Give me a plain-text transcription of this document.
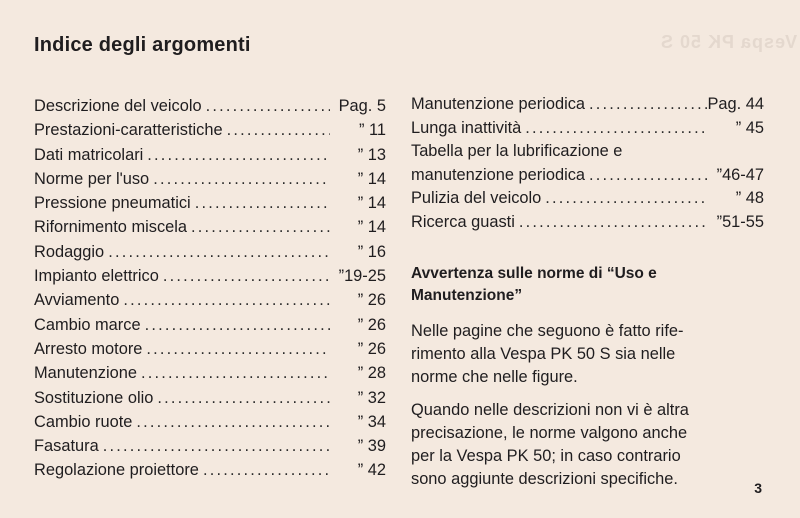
Vespa PK 50 S
Indice degli argomenti
Descrizione del veicolo .....	Pag. 5
Prestazioni-caratteristiche .....	” 11
Dati matricolari .....	” 13
Norme per l'uso .....	” 14
Pressione pneumatici .....	” 14
Rifornimento miscela .....	” 14
Rodaggio .....	” 16
Impianto elettrico .....	”19-25
Avviamento .....	” 26
Cambio marce .....	” 26
Arresto motore .....	” 26
Manutenzione .....	” 28
Sostituzione olio .....	” 32
Cambio ruote .....	” 34
Fasatura .....	” 39
Regolazione proiettore .....	” 42
Manutenzione periodica .....	Pag. 44
Lunga inattività .....	” 45
Tabella per la lubrificazione e
manutenzione periodica .....	”46-47
Pulizia del veicolo .....	” 48
Ricerca guasti .....	”51-55
Avvertenza sulle norme di “Uso e
Manutenzione”
Nelle pagine che seguono è fatto rife-
rimento alla Vespa PK 50 S sia nelle
norme che nelle figure.
Quando nelle descrizioni non vi è altra
precisazione, le norme valgono anche
per la Vespa PK 50; in caso contrario
sono aggiunte descrizioni specifiche.	3
